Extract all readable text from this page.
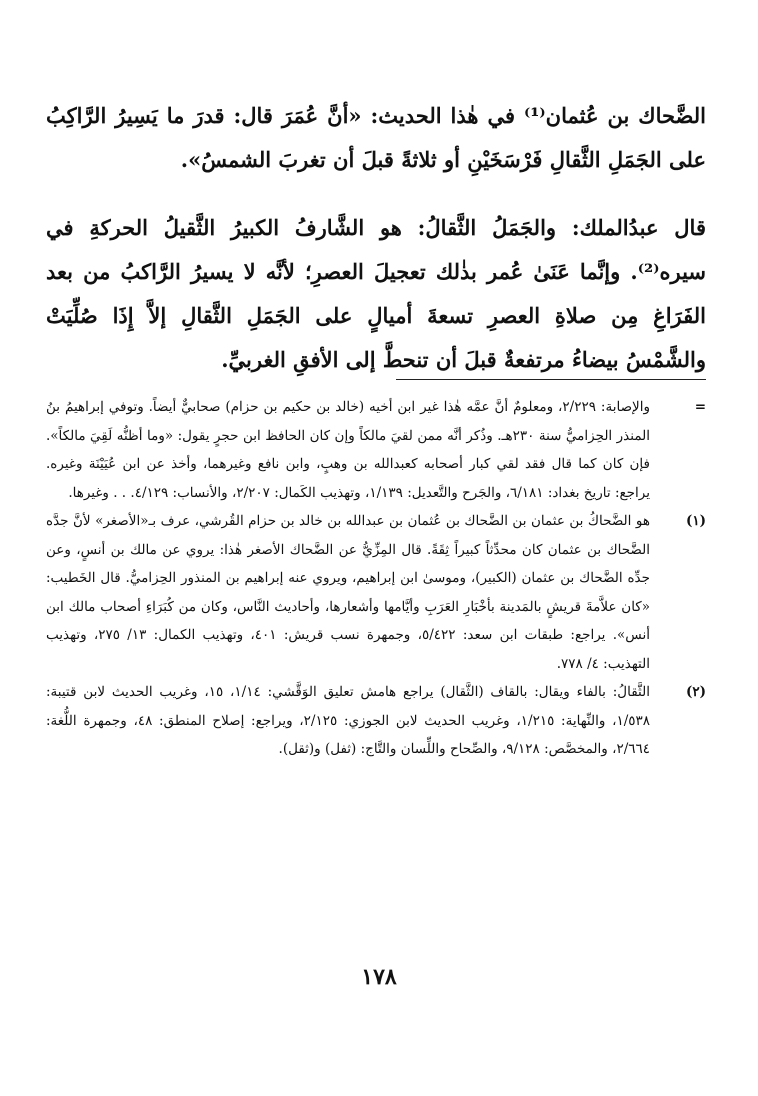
الضَّحاك بن عُثمان⁽¹⁾ في هٰذا الحديث: «أنَّ عُمَرَ قال: قدرَ ما يَسِيرُ الرَّاكِبُ على الجَمَلِ الثَّقالِ فَرْسَخَيْنِ أو ثلاثةً قبلَ أن تغربَ الشمسُ».

قال عبدُالملك: والجَمَلُ الثَّقالُ: هو الشَّارفُ الكبيرُ الثَّقيلُ الحركةِ في سيره⁽²⁾. وإنَّما عَنَىٰ عُمر بذٰلك تعجيلَ العصرِ؛ لأنَّه لا يسيرُ الرَّاكبُ من بعد الفَرَاغِ مِن صلاةِ العصرِ تسعةَ أميالٍ على الجَمَلِ الثَّقالِ إلاَّ إِذَا صُلِّيَتْ والشَّمْسُ بيضاءُ مرتفعةٌ قبلَ أن تنحطَّ إلى الأفقِ الغربيِّ.

=
والإصابة: ٢/٢٢٩، ومعلومٌ أنَّ عمَّه هٰذا غير ابن أخيه (خالد بن حكيم بن حزام) صحابيٌّ أيضاً. وتوفي إبراهيمُ بنُ المنذر الحِزاميُّ سنة ٢٣٠هـ. وذُكر أنَّه ممن لقيَ مالكاً وإن كان الحافظ ابن حجرٍ يقول: «وما أظنُّه لَقِيَ مالكاً». فإن كان كما قال فقد لقي كبار أصحابه كعبدالله بن وهبٍ، وابن نافع وغيرهما، وأخذ عن ابن عُيَيْنَة وغيره. يراجع: تاريخ بغداد: ٦/١٨١، والجَرح والتَّعديل: ١/١٣٩، وتهذيب الكَمال: ٢/٢٠٧، والأنساب: ٤/١٢٩. . . وغيرها.
(١)
هو الضَّحاكُ بن عثمان بن الضَّحاك بن عُثمان بن عبدالله بن خالد بن حزام القُرشي، عرف بـ«الأصغر» لأنَّ جدَّه الضَّحاك بن عثمان كان محدِّثاً كبيراً ثِقَةً. قال المِزِّيُّ عن الضَّحاك الأصغر هٰذا: يروي عن مالك بن أنسٍ، وعن جدِّه الضَّحاك بن عثمان (الكبير)، وموسىٰ ابن إبراهيم، ويروي عنه إبراهيم بن المنذور الحِزاميُّ. قال الخَطيب: «كان علاَّمةَ قريشٍ بالمَدينة بأخْبَارِ العَرَبِ وأيَّامها وأشعارها، وأحاديث النَّاس، وكان من كُبَرَاءِ أصحاب مالك ابن أنس». يراجع: طبقات ابن سعد: ٥/٤٢٢، وجمهرة نسب قريش: ٤٠١، وتهذيب الكمال: ١٣/ ٢٧٥، وتهذيب التهذيب: ٤/ ٧٧٨.
(٢)
الثَّقالُ: بالفاء ويقال: بالقاف (الثَّقال) يراجع هامش تعليق الوَقَّشي: ١/١٤، ١٥، وغريب الحديث لابن قتيبة: ١/٥٣٨، والنِّهاية: ١/٢١٥، وغريب الحديث لابن الجوزي: ٢/١٢٥، ويراجع: إصلاح المنطق: ٤٨، وجمهرة اللُّغة: ٢/٦٦٤، والمخصَّص: ٩/١٢٨، والصِّحاح واللِّسان والتَّاج: (ثفل) و(ثقل).
١٧٨
